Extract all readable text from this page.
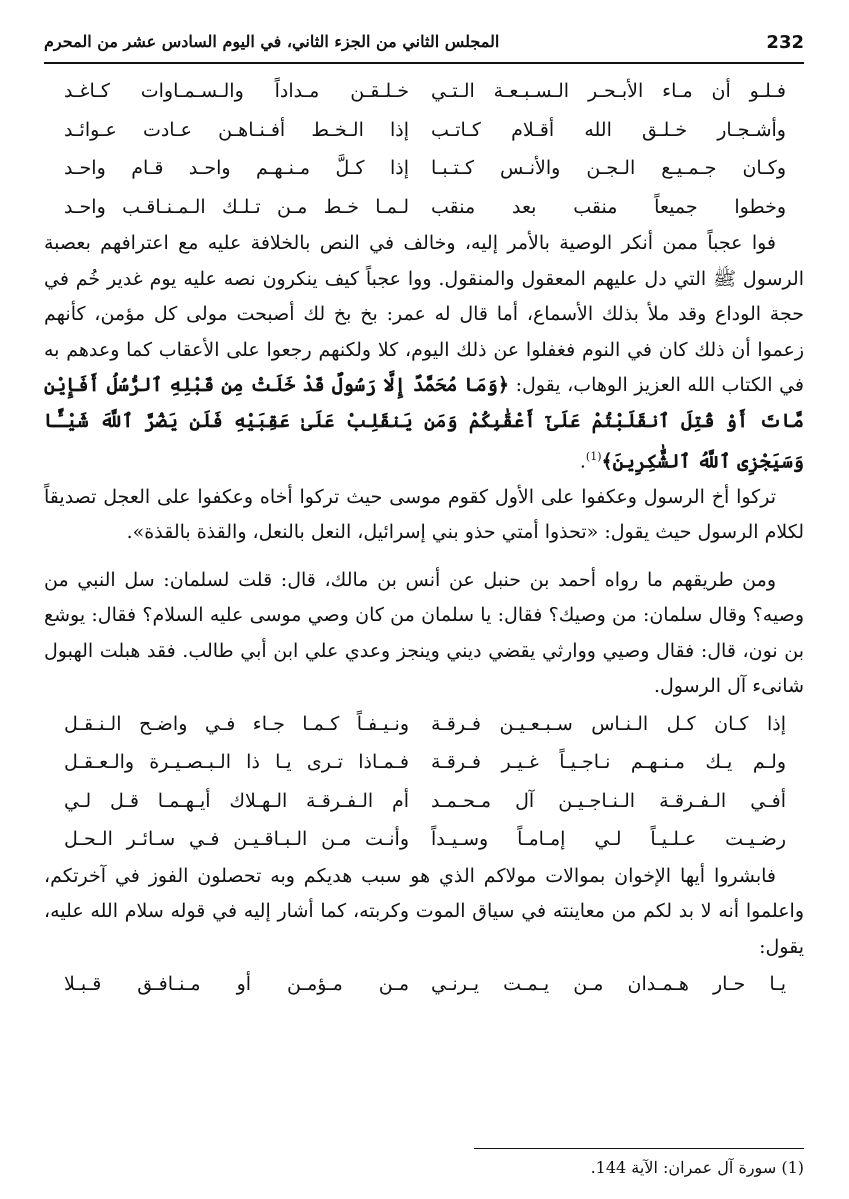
232
المجلس الثاني من الجزء الثاني، في اليوم السادس عشر من المحرم
فـلـو أن مـاء الأبـحـر الـسـبـعـة الـتـي
خـلـقـن مـداداً والـسـمـاوات كـاغـد
وأشـجـار خـلـق الله أقـلام كـاتـب
إذا الـخـط أفـنـاهـن عـادت عـوائـد
وكـان جـمـيـع الـجـن والأنـس كـتـبـا
إذا كـلَّ مـنـهـم واحـد قـام واحـد
وخطوا جميعاً منقب بعد منقب
لـمـا خـط مـن تـلـك الـمـنـاقـب واحـد

فوا عجباً ممن أنكر الوصية بالأمر إليه، وخالف في النص بالخلافة عليه مع اعترافهم بعصبة الرسول ﷺ التي دل عليهم المعقول والمنقول. ووا عجباً كيف ينكرون نصه عليه يوم غدير خُم في حجة الوداع وقد ملأ بذلك الأسماع، أما قال له عمر: بخ بخ لك أصبحت مولى كل مؤمن، كأنهم زعموا أن ذلك كان في النوم فغفلوا عن ذلك اليوم، كلا ولكنهم رجعوا على الأعقاب كما وعدهم به في الكتاب الله العزيز الوهاب، يقول: ﴿وَمَا مُحَمَّدٌ إِلَّا رَسُولٌ قَدْ خَلَتْ مِن قَبْلِهِ ٱلرُّسُلُ أَفَإِيْن مَّاتَ أَوْ قُتِلَ ٱنقَلَبْتُمْ عَلَىٰٓ أَعْقَٰبِكُمْ وَمَن يَنقَلِبْ عَلَىٰ عَقِبَيْهِ فَلَن يَضُرَّ ٱللَّهَ شَيْـًٔا وَسَيَجْزِى ٱللَّهُ ٱلشَّٰكِرِينَ﴾$^{(1)}$.

تركوا أخ الرسول وعكفوا على الأول كقوم موسى حيث تركوا أخاه وعكفوا على العجل تصديقاً لكلام الرسول حيث يقول: «تحذوا أمتي حذو بني إسرائيل، النعل بالنعل، والقذة بالقذة».

ومن طريقهم ما رواه أحمد بن حنبل عن أنس بن مالك، قال: قلت لسلمان: سل النبي من وصيه؟ وقال سلمان: من وصيك؟ فقال: يا سلمان من كان وصي موسى عليه السلام؟ فقال: يوشع بن نون، قال: فقال وصيي ووارثي يقضي ديني وينجز وعدي علي ابن أبي طالب. فقد هبلت الهبول شانىء آل الرسول.

إذا كـان كـل الـنـاس سـبـعـيـن فـرقـة
ونـيـفـاً كـمـا جـاء فـي واضـح الـنـقـل
ولـم يـك مـنـهـم نـاجـيـاً غـيـر فـرقـة
فـمـاذا تـرى يـا ذا الـبـصـيـرة والـعـقـل
أفـي الـفـرقـة الـنـاجـيـن آل مـحـمـد
أم الـفـرقـة الـهـلاك أيـهـمـا قـل لـي
رضـيـت عـلـيـاً لـي إمـامـاً وسـيـداً
وأنـت مـن الـبـاقـيـن فـي سـائـر الـحـل

فابشروا أيها الإخوان بموالات مولاكم الذي هو سبب هديكم وبه تحصلون الفوز في آخرتكم، واعلموا أنه لا بد لكم من معاينته في سياق الموت وكربته، كما أشار إليه في قوله سلام الله عليه، يقول:

يـا حـار هـمـدان مـن يـمـت يـرنـي
مـن مـؤمـن أو مـنـافـق قـبـلا
(1) سورة آل عمران: الآية 144.
